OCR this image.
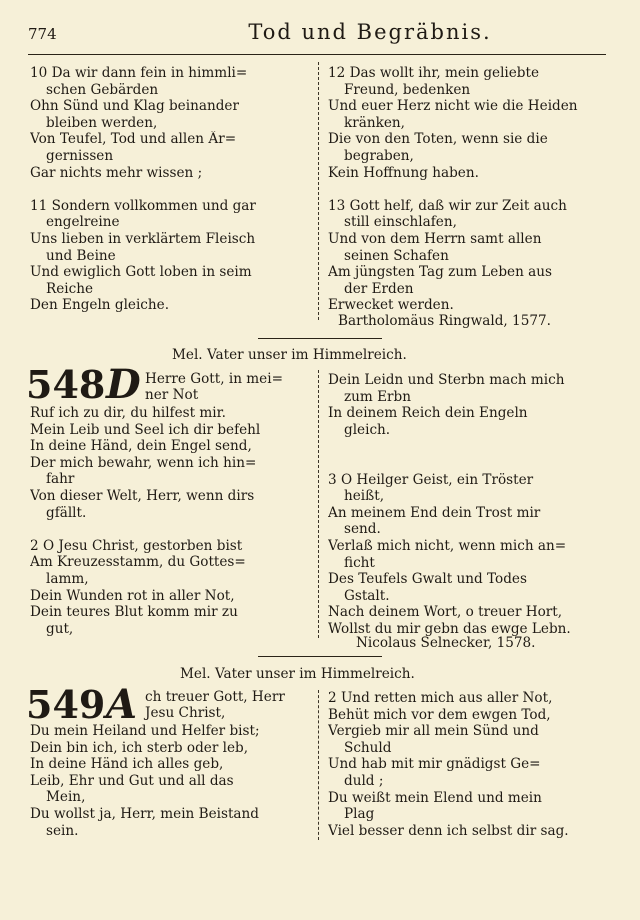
774	Tod und Begräbnis.
10 Da wir dann fein in himmli=
schen Gebärden
Ohn Sünd und Klag beinander
bleiben werden,
Von Teufel, Tod und allen Är=
gernissen
Gar nichts mehr wissen ;
11 Sondern vollkommen und gar
engelreine
Uns lieben in verklärtem Fleisch
und Beine
Und ewiglich Gott loben in seim
Reiche
Den Engeln gleiche.
12 Das wollt ihr, mein geliebte
Freund, bedenken
Und euer Herz nicht wie die Heiden
kränken,
Die von den Toten, wenn sie die
begraben,
Kein Hoffnung haben.
13 Gott helf, daß wir zur Zeit auch
still einschlafen,
Und von dem Herrn samt allen
seinen Schafen
Am jüngsten Tag zum Leben aus
der Erden
Erwecket werden.
Bartholomäus Ringwald, 1577.
Mel. Vater unser im Himmelreich.
548 D Herre Gott, in mei=
ner Not
Ruf ich zu dir, du hilfest mir.
Mein Leib und Seel ich dir befehl
In deine Händ, dein Engel send,
Der mich bewahr, wenn ich hin=
fahr
Von dieser Welt, Herr, wenn dirs
gfällt.
2 O Jesu Christ, gestorben bist
Am Kreuzesstamm, du Gottes=
lamm,
Dein Wunden rot in aller Not,
Dein teures Blut komm mir zu
gut,
Dein Leidn und Sterbn mach mich
zum Erbn
In deinem Reich dein Engeln
gleich.
3 O Heilger Geist, ein Tröster
heißt,
An meinem End dein Trost mir
send.
Verlaß mich nicht, wenn mich an=
ficht
Des Teufels Gwalt und Todes
Gstalt.
Nach deinem Wort, o treuer Hort,
Wollst du mir gebn das ewge Lebn.
Nicolaus Selnecker, 1578.
Mel. Vater unser im Himmelreich.
549 A ch treuer Gott, Herr
Jesu Christ,
Du mein Heiland und Helfer bist;
Dein bin ich, ich sterb oder leb,
In deine Händ ich alles geb,
Leib, Ehr und Gut und all das
Mein,
Du wollst ja, Herr, mein Beistand
sein.
2 Und retten mich aus aller Not,
Behüt mich vor dem ewgen Tod,
Vergieb mir all mein Sünd und
Schuld
Und hab mit mir gnädigst Ge=
duld ;
Du weißt mein Elend und mein
Plag
Viel besser denn ich selbst dir sag.
